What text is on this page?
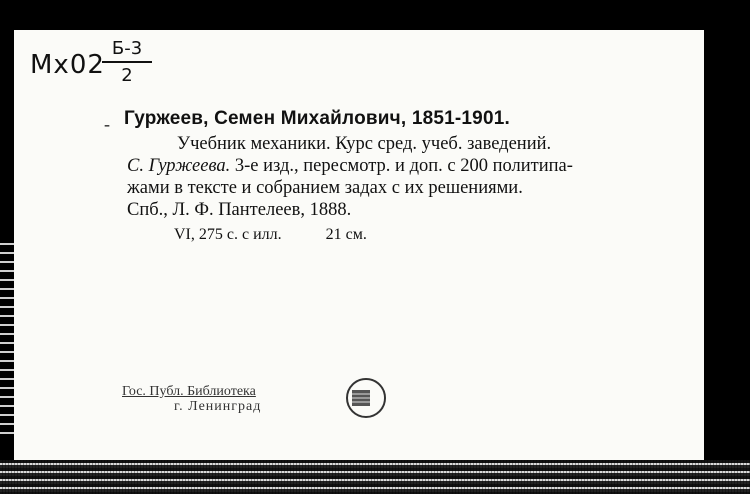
Мх02
Б-3
2
- Гуржеев, Семен Михайлович, 1851-1901.
Учебник механики. Курс сред. учеб. заведений.
С. Гуржеева. 3-е изд., пересмотр. и доп. с 200 политипа-
жами в тексте и собранием задах с их решениями.
Спб., Л. Ф. Пантелеев, 1888.
VI, 275 с. с илл.	21 см.
Гос. Публ. Библиотека
г. Ленинград
